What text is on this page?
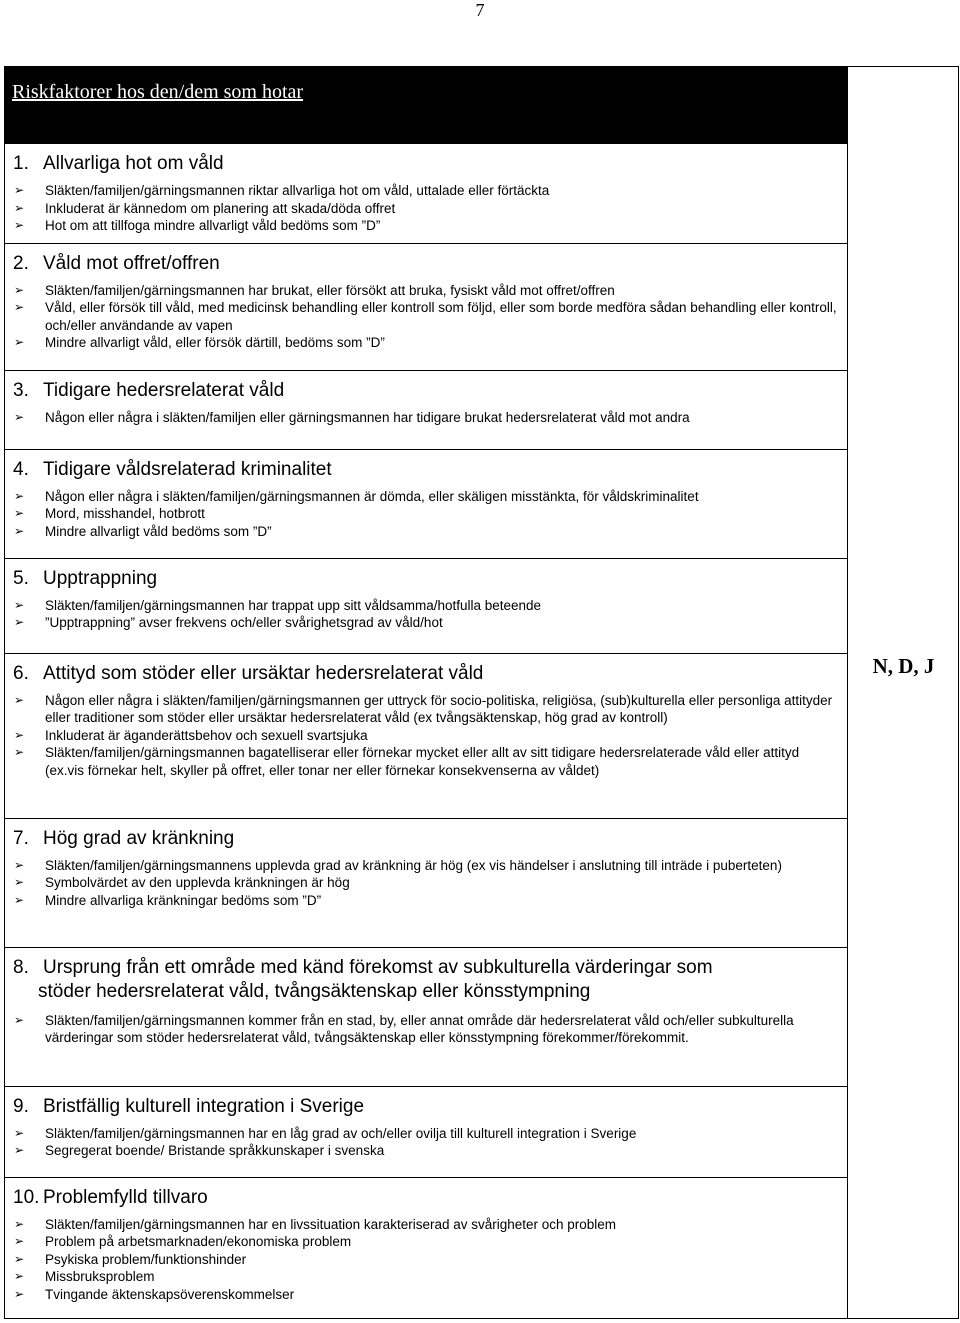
7
Riskfaktorer hos den/dem som hotar	
N, D, J

1. Allvarliga hot om våld
➢ Släkten/familjen/gärningsmannen riktar allvarliga hot om våld, uttalade eller förtäckta
➢ Inkluderat är kännedom om planering att skada/döda offret
➢ Hot om att tillfoga mindre allvarligt våld bedöms som ”D”

2. Våld mot offret/offren
➢ Släkten/familjen/gärningsmannen har brukat, eller försökt att bruka, fysiskt våld mot offret/offren
➢ Våld, eller försök till våld, med medicinsk behandling eller kontroll som följd, eller som borde medföra sådan behandling eller kontroll, och/eller användande av vapen
➢ Mindre allvarligt våld, eller försök därtill, bedöms som ”D”

3. Tidigare hedersrelaterat våld
➢ Någon eller några i släkten/familjen eller gärningsmannen har tidigare brukat hedersrelaterat våld mot andra

4. Tidigare våldsrelaterad kriminalitet
➢ Någon eller några i släkten/familjen/gärningsmannen är dömda, eller skäligen misstänkta, för våldskriminalitet
➢ Mord, misshandel, hotbrott
➢ Mindre allvarligt våld bedöms som ”D”

5. Upptrappning
➢ Släkten/familjen/gärningsmannen har trappat upp sitt våldsamma/hotfulla beteende
➢ ”Upptrappning” avser frekvens och/eller svårighetsgrad av våld/hot

6. Attityd som stöder eller ursäktar hedersrelaterat våld
➢ Någon eller några i släkten/familjen/gärningsmannen ger uttryck för socio-politiska, religiösa, (sub)kulturella eller personliga attityder eller traditioner som stöder eller ursäktar hedersrelaterat våld (ex tvångsäktenskap, hög grad av kontroll)
➢ Inkluderat är äganderättsbehov och sexuell svartsjuka
➢ Släkten/familjen/gärningsmannen bagatelliserar eller förnekar mycket eller allt av sitt tidigare hedersrelaterade våld eller attityd (ex.vis förnekar helt, skyller på offret, eller tonar ner eller förnekar konsekvenserna av våldet)

7. Hög grad av kränkning
➢ Släkten/familjen/gärningsmannens upplevda grad av kränkning är hög (ex vis händelser i anslutning till inträde i puberteten)
➢ Symbolvärdet av den upplevda kränkningen är hög
➢ Mindre allvarliga kränkningar bedöms som ”D”

8. Ursprung från ett område med känd förekomst av subkulturella värderingar som
stöder hedersrelaterat våld, tvångsäktenskap eller könsstympning
➢ Släkten/familjen/gärningsmannen kommer från en stad, by, eller annat område där hedersrelaterat våld och/eller subkulturella värderingar som stöder hedersrelaterat våld, tvångsäktenskap eller könsstympning förekommer/förekommit.

9. Bristfällig kulturell integration i Sverige
➢ Släkten/familjen/gärningsmannen har en låg grad av och/eller ovilja till kulturell integration i Sverige
➢ Segregerat boende/ Bristande språkkunskaper i svenska

10. Problemfylld tillvaro
➢ Släkten/familjen/gärningsmannen har en livssituation karakteriserad av svårigheter och problem
➢ Problem på arbetsmarknaden/ekonomiska problem
➢ Psykiska problem/funktionshinder
➢ Missbruksproblem
➢ Tvingande äktenskapsöverenskommelser
